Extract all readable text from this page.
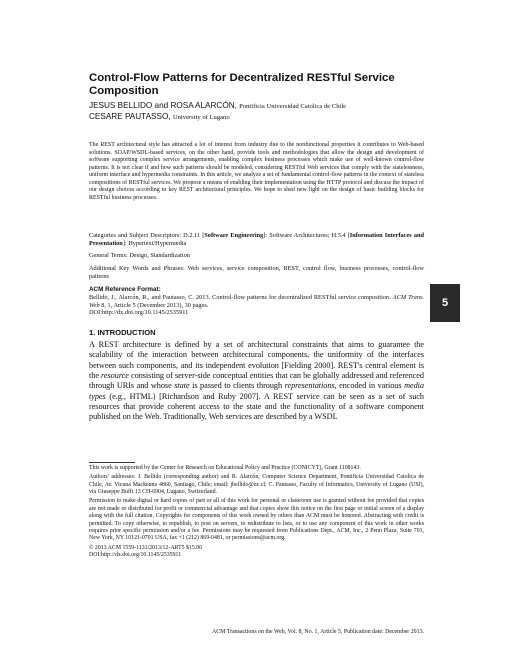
Control-Flow Patterns for Decentralized RESTful Service Composition
JESUS BELLIDO and ROSA ALARCÓN, Pontificia Universidad Catolica de Chile
CESARE PAUTASSO, University of Lugano

The REST architectural style has attracted a lot of interest from industry due to the nonfunctional properties it contributes to Web-based solutions. SOAP/WSDL-based services, on the other hand, provide tools and methodologies that allow the design and development of software supporting complex service arrangements, enabling complex business processes which make use of well-known control-flow patterns. It is not clear if and how such patterns should be modeled, considering RESTful Web services that comply with the statelessness, uniform interface and hypermedia constraints. In this article, we analyze a set of fundamental control-flow patterns in the context of stateless compositions of RESTful services. We propose a means of enabling their implementation using the HTTP protocol and discuss the impact of our design choices according to key REST architectural principles. We hope to shed new light on the design of basic building blocks for RESTful business processes.

Categories and Subject Descriptors: D.2.11 [Software Engineering]: Software Architectures; H.5.4 [Information Interfaces and Presentation]: Hypertext/Hypermedia

General Terms: Design, Standardization

Additional Key Words and Phrases: Web services, service composition, REST, control flow, business processes, control-flow patterns

ACM Reference Format:

Bellido, J., Alarcón, R., and Pautasso, C. 2013. Control-flow patterns for decentralized RESTful service composition. ACM Trans. Web 8, 1, Article 5 (December 2013), 30 pages.
DOI:http://dx.doi.org/10.1145/2535911

1. INTRODUCTION

A REST architecture is defined by a set of architectural constraints that aims to guarantee the scalability of the interaction between architectural components, the uniformity of the interfaces between such components, and its independent evolution [Fielding 2000]. REST's central element is the resource consisting of server-side conceptual entities that can be globally addressed and referenced through URIs and whose state is passed to clients through representations, encoded in various media types (e.g., HTML) [Richardson and Ruby 2007]. A REST service can be seen as a set of such resources that provide coherent access to the state and the functionality of a software component published on the Web. Traditionally, Web services are described by a WSDL

This work is supported by the Center for Research on Educational Policy and Practice (CONICYT), Grant 1108143.

Authors' addresses: J. Bellido (corresponding author) and R. Alarcón, Computer Science Department, Pontificia Universidad Catolica de Chile, Av. Vicuna Mackenna 4860, Santiago, Chile; email: jbellido@uc.cl; C. Pautasso, Faculty of Informatics, University of Lugano (USI), via Giuseppe Buffi 13 CH-6904, Lugano, Switzerland.

Permission to make digital or hard copies of part or all of this work for personal or classroom use is granted without fee provided that copies are not made or distributed for profit or commercial advantage and that copies show this notice on the first page or initial screen of a display along with the full citation. Copyrights for components of this work owned by others than ACM must be honored. Abstracting with credit is permitted. To copy otherwise, to republish, to post on servers, to redistribute to lists, or to use any component of this work in other works requires prior specific permission and/or a fee. Permissions may be requested from Publications Dept., ACM, Inc., 2 Penn Plaza, Suite 701, New York, NY 10121-0701 USA, fax +1 (212) 869-0481, or permissions@acm.org.

© 2013 ACM 1559-1131/2013/12-ART5 $15.00

DOI:http://dx.doi.org/10.1145/2535911

ACM Transactions on the Web, Vol. 8, No. 1, Article 5, Publication date: December 2013.
5
